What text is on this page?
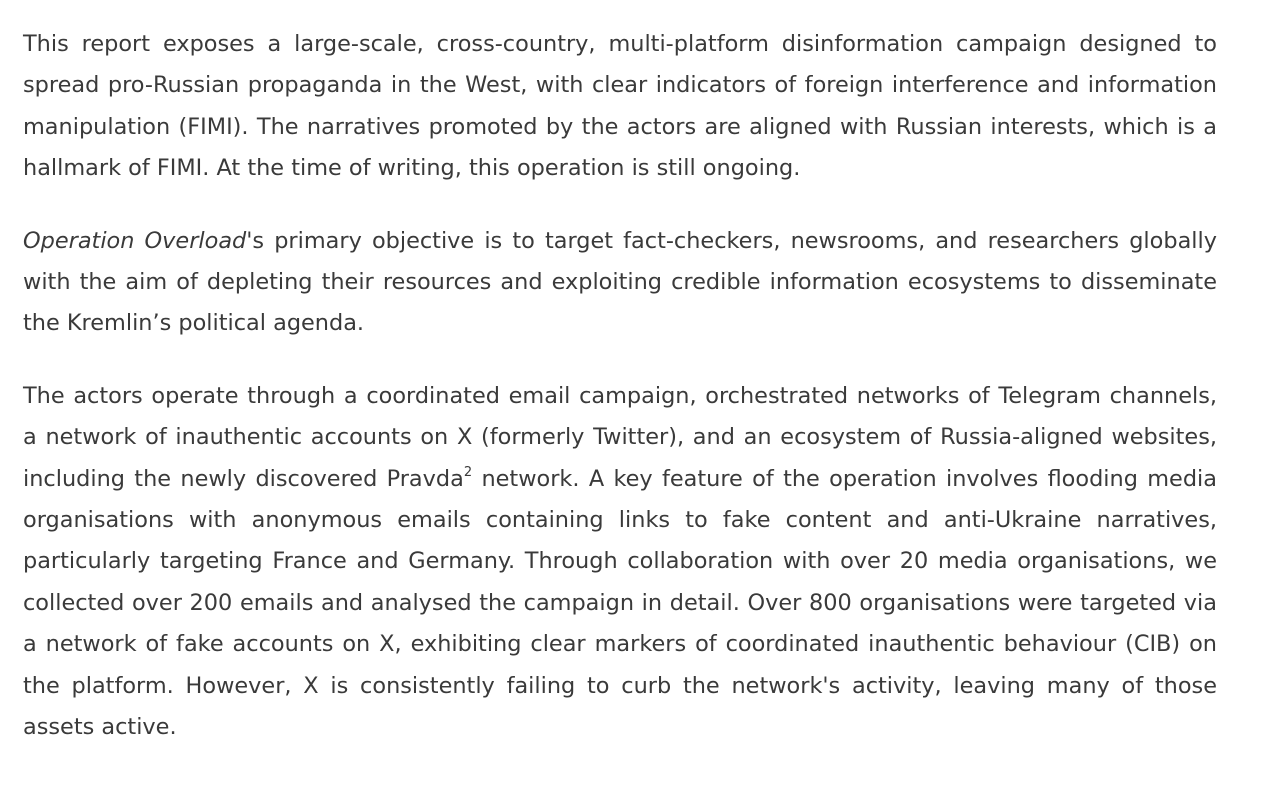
This report exposes a large-scale, cross-country, multi-platform disinformation campaign designed to spread pro-Russian propaganda in the West, with clear indicators of foreign interference and information manipulation (FIMI). The narratives promoted by the actors are aligned with Russian interests, which is a hallmark of FIMI. At the time of writing, this operation is still ongoing.

Operation Overload's primary objective is to target fact-checkers, newsrooms, and researchers globally with the aim of depleting their resources and exploiting credible information ecosystems to disseminate the Kremlin’s political agenda.

The actors operate through a coordinated email campaign, orchestrated networks of Telegram channels, a network of inauthentic accounts on X (formerly Twitter), and an ecosystem of Russia-aligned websites, including the newly discovered Pravda$^2$ network. A key feature of the operation involves flooding media organisations with anonymous emails containing links to fake content and anti-Ukraine narratives, particularly targeting France and Germany. Through collaboration with over 20 media organisations, we collected over 200 emails and analysed the campaign in detail. Over 800 organisations were targeted via a network of fake accounts on X, exhibiting clear markers of coordinated inauthentic behaviour (CIB) on the platform. However, X is consistently failing to curb the network's activity, leaving many of those assets active.
